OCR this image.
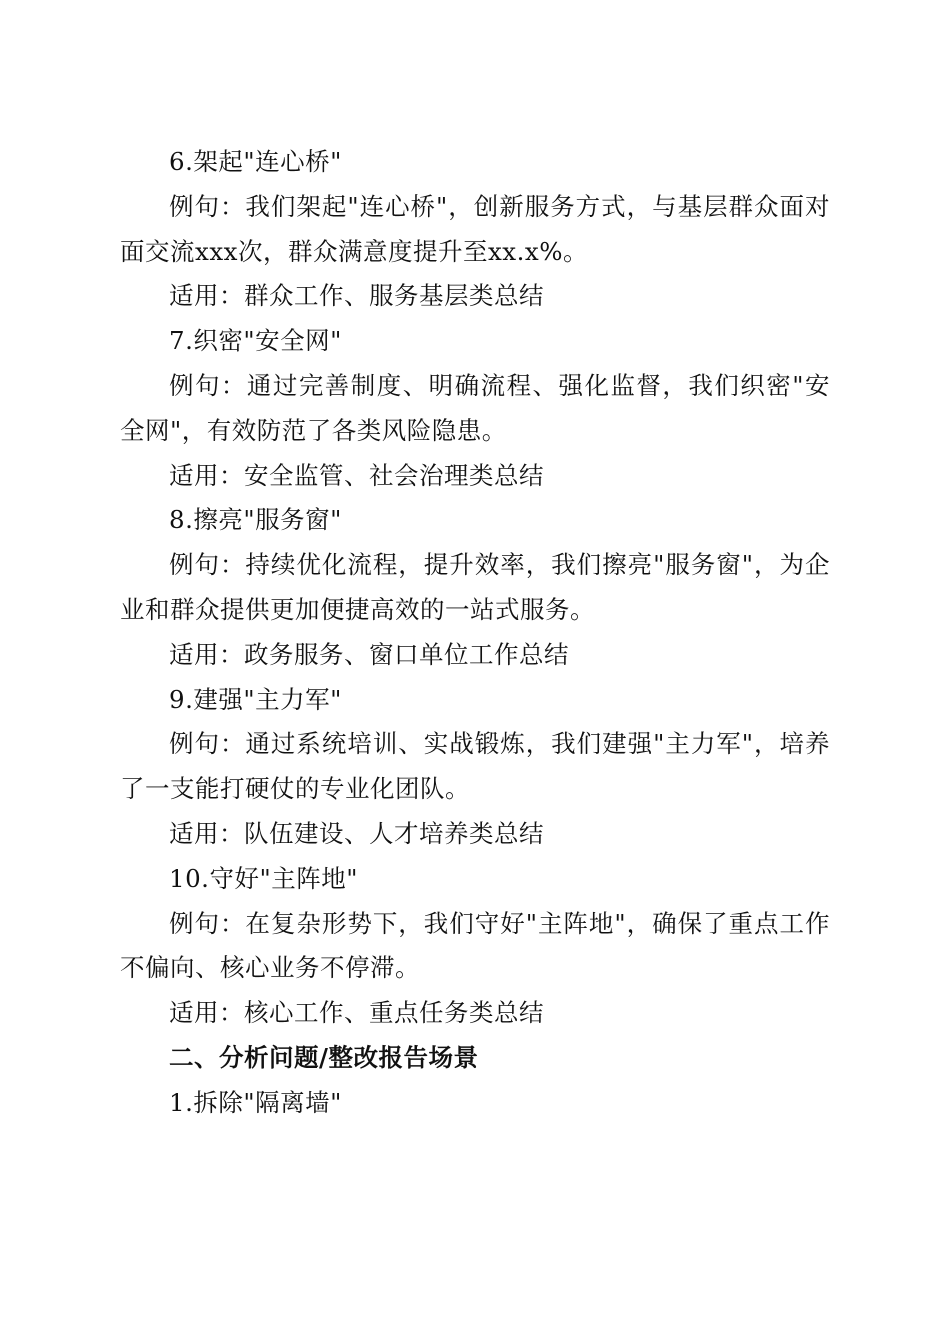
6.架起"连心桥"

例句：我们架起"连心桥"，创新服务方式，与基层群众面对面交流xxx次，群众满意度提升至xx.x%。

适用：群众工作、服务基层类总结

7.织密"安全网"

例句：通过完善制度、明确流程、强化监督，我们织密"安全网"，有效防范了各类风险隐患。

适用：安全监管、社会治理类总结

8.擦亮"服务窗"

例句：持续优化流程，提升效率，我们擦亮"服务窗"，为企业和群众提供更加便捷高效的一站式服务。

适用：政务服务、窗口单位工作总结

9.建强"主力军"

例句：通过系统培训、实战锻炼，我们建强"主力军"，培养了一支能打硬仗的专业化团队。

适用：队伍建设、人才培养类总结

10.守好"主阵地"

例句：在复杂形势下，我们守好"主阵地"，确保了重点工作不偏向、核心业务不停滞。

适用：核心工作、重点任务类总结

二、分析问题/整改报告场景

1.拆除"隔离墙"
